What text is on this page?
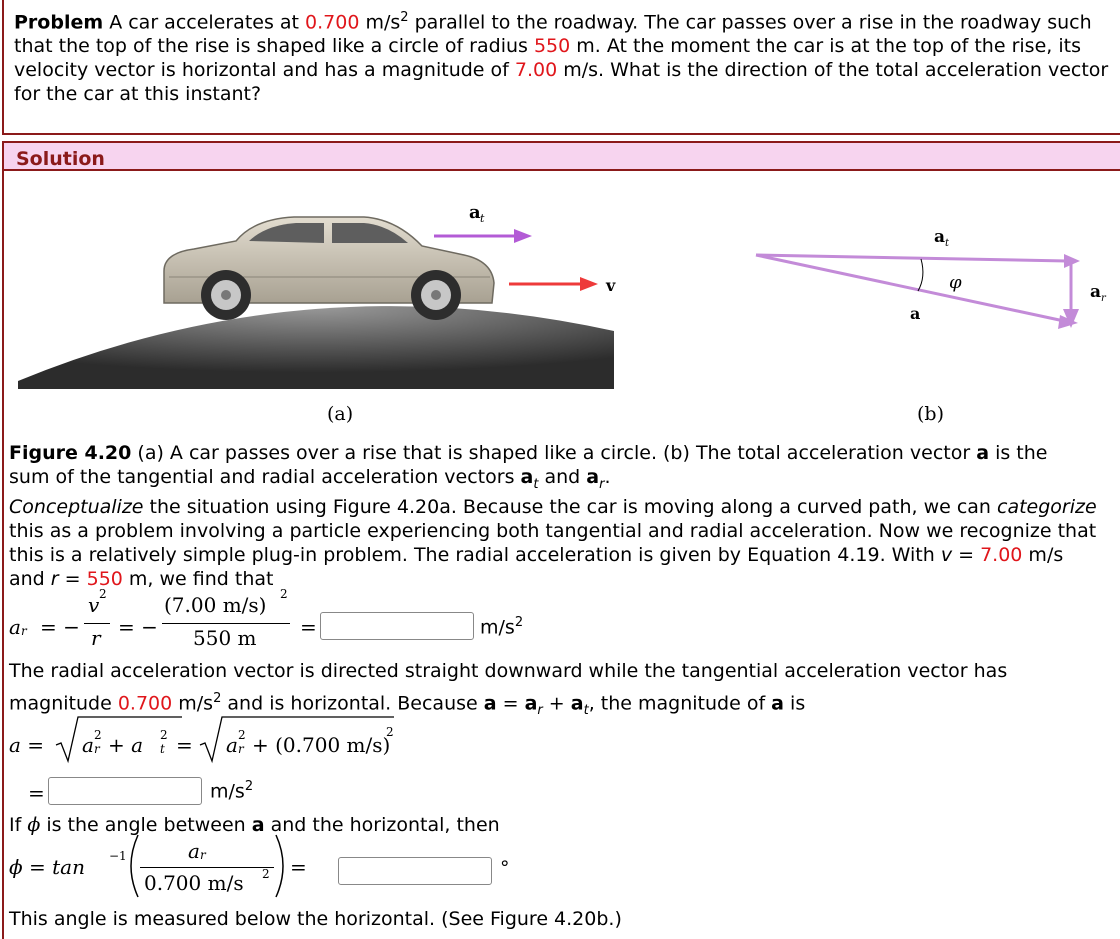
Problem A car accelerates at 0.700 $m/s^2$ parallel to the roadway. The car passes over a rise in the roadway such that the top of the rise is shaped like a circle of radius 550 m. At the moment the car is at the top of the rise, its velocity vector is horizontal and has a magnitude of 7.00 m/s. What is the direction of the total acceleration vector for the car at this instant?

Solution
a t
v
a t
φ
a
a r
(a)	(b)

Figure 4.20 (a) A car passes over a rise that is shaped like a circle. (b) The total acceleration vector a is the

sum of the tangential and radial acceleration vectors $a_t$ and $a_r$.

Conceptualize the situation using Figure 4.20a. Because the car is moving along a curved path, we can categorize

this as a problem involving a particle experiencing both tangential and radial acceleration. Now we recognize that

this is a relatively simple plug-in problem. The radial acceleration is given by Equation 4.19. With v = 7.00 m/s

and r = 550 m, we find that

a r = −
v 2
r = −
(7.00 m/s) 2
550 m =	$m/s^2$

The radial acceleration vector is directed straight downward while the tangential acceleration vector has

magnitude 0.700 $m/s^2$ and is horizontal. Because $a = a_r + a_t$, the magnitude of a is

a = a r
2 + a t
2 = a r
2 + (0.700 m/s)
2
=	$m/s^2$

If ϕ is the angle between a and the horizontal, then

ϕ = tan −1	a r
0.700 m/s 2 =	°

This angle is measured below the horizontal. (See Figure 4.20b.)
